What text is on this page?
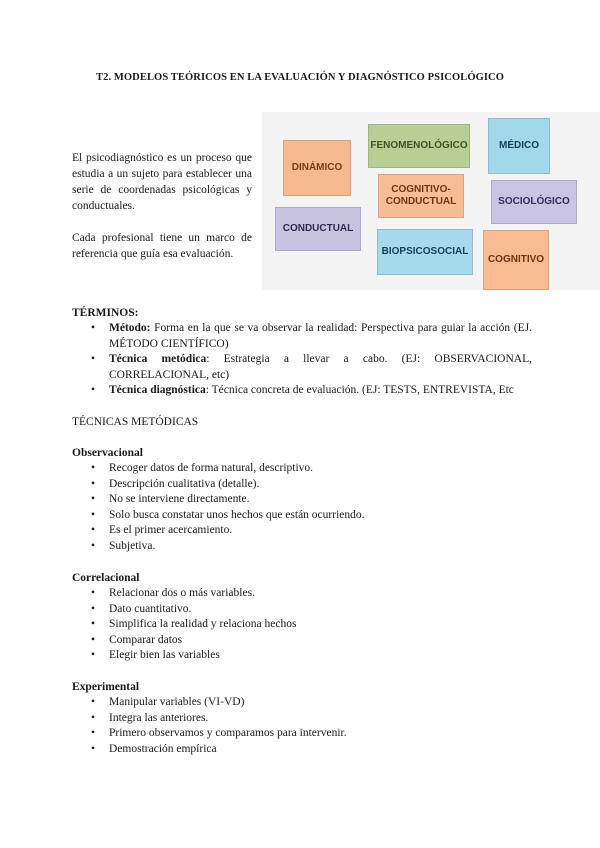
T2. MODELOS TEÓRICOS EN LA EVALUACIÓN Y DIAGNÓSTICO PSICOLÓGICO

El psicodiagnóstico es un proceso que estudia a un sujeto para establecer una serie de coordenadas psicológicas y conductuales.

Cada profesional tiene un marco de referencia que guía esa evaluación.

DINÁMICO
FENOMENOLÓGICO	MÉDICO
COGNITIVO-CONDUCTUAL	SOCIOLÓGICO
CONDUCTUAL
BIOPSICOSOCIAL
COGNITIVO
TÉRMINOS:
• Método: Forma en la que se va observar la realidad: Perspectiva para guiar la acción (EJ. MÉTODO CIENTÍFICO)
• Técnica metódica: Estrategia a llevar a cabo. (EJ: OBSERVACIONAL, CORRELACIONAL, etc)
• Técnica diagnóstica: Técnica concreta de evaluación. (EJ: TESTS, ENTREVISTA, Etc
TÉCNICAS METÓDICAS
Observacional
• Recoger datos de forma natural, descriptivo.
• Descripción cualitativa (detalle).
• No se interviene directamente.
• Solo busca constatar unos hechos que están ocurriendo.
• Es el primer acercamiento.
• Subjetiva.
Correlacional
• Relacionar dos o más variables.
• Dato cuantitativo.
• Simplifica la realidad y relaciona hechos
• Comparar datos
• Elegir bien las variables
Experimental
• Manipular variables (VI-VD)
• Integra las anteriores.
• Primero observamos y comparamos para intervenir.
• Demostración empírica
